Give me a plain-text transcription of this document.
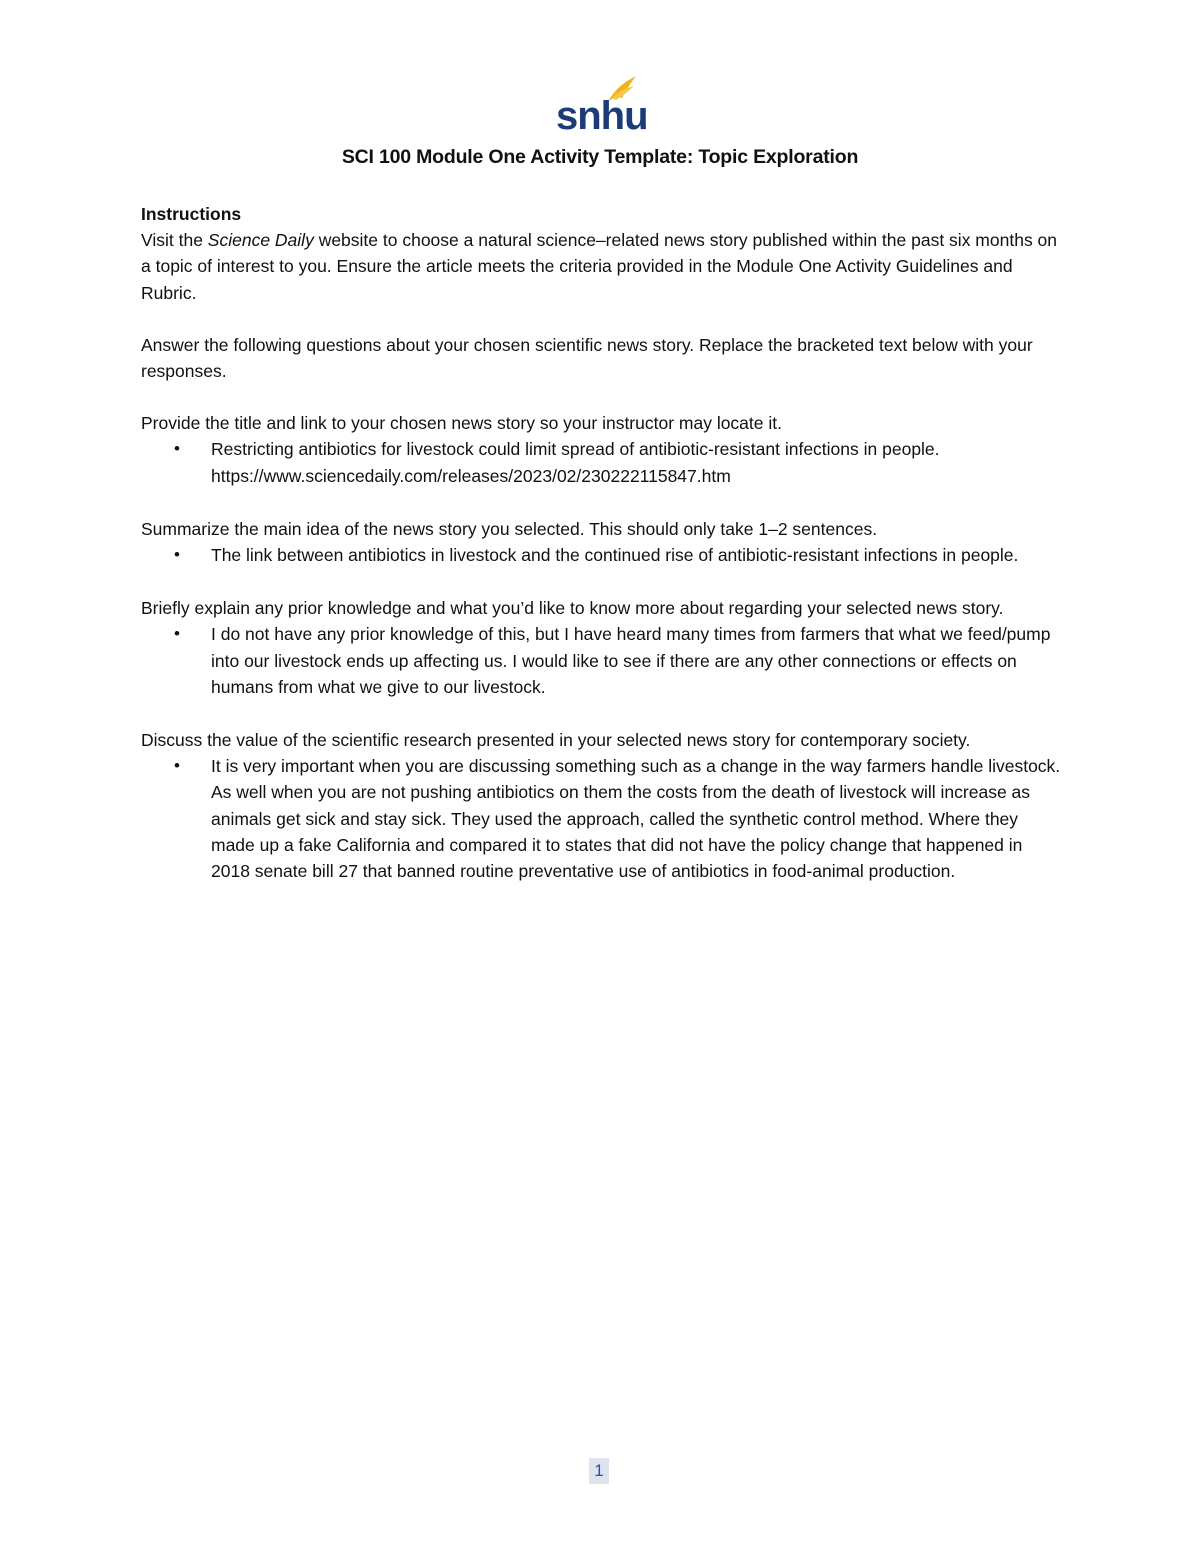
snhu
SCI 100 Module One Activity Template: Topic Exploration

Instructions

Visit the Science Daily website to choose a natural science–related news story published within the past six months on a topic of interest to you. Ensure the article meets the criteria provided in the Module One Activity Guidelines and Rubric.

Answer the following questions about your chosen scientific news story. Replace the bracketed text below with your responses.

Provide the title and link to your chosen news story so your instructor may locate it.

• Restricting antibiotics for livestock could limit spread of antibiotic-resistant infections in people.
https://www.sciencedaily.com/releases/2023/02/230222115847.htm

Summarize the main idea of the news story you selected. This should only take 1–2 sentences.

• The link between antibiotics in livestock and the continued rise of antibiotic-resistant infections in people.

Briefly explain any prior knowledge and what you’d like to know more about regarding your selected news story.

• I do not have any prior knowledge of this, but I have heard many times from farmers that what we feed/pump into our livestock ends up affecting us. I would like to see if there are any other connections or effects on humans from what we give to our livestock.

Discuss the value of the scientific research presented in your selected news story for contemporary society.

• It is very important when you are discussing something such as a change in the way farmers handle livestock. As well when you are not pushing antibiotics on them the costs from the death of livestock will increase as animals get sick and stay sick. They used the approach, called the synthetic control method. Where they made up a fake California and compared it to states that did not have the policy change that happened in 2018 senate bill 27 that banned routine preventative use of antibiotics in food-animal production.
1
